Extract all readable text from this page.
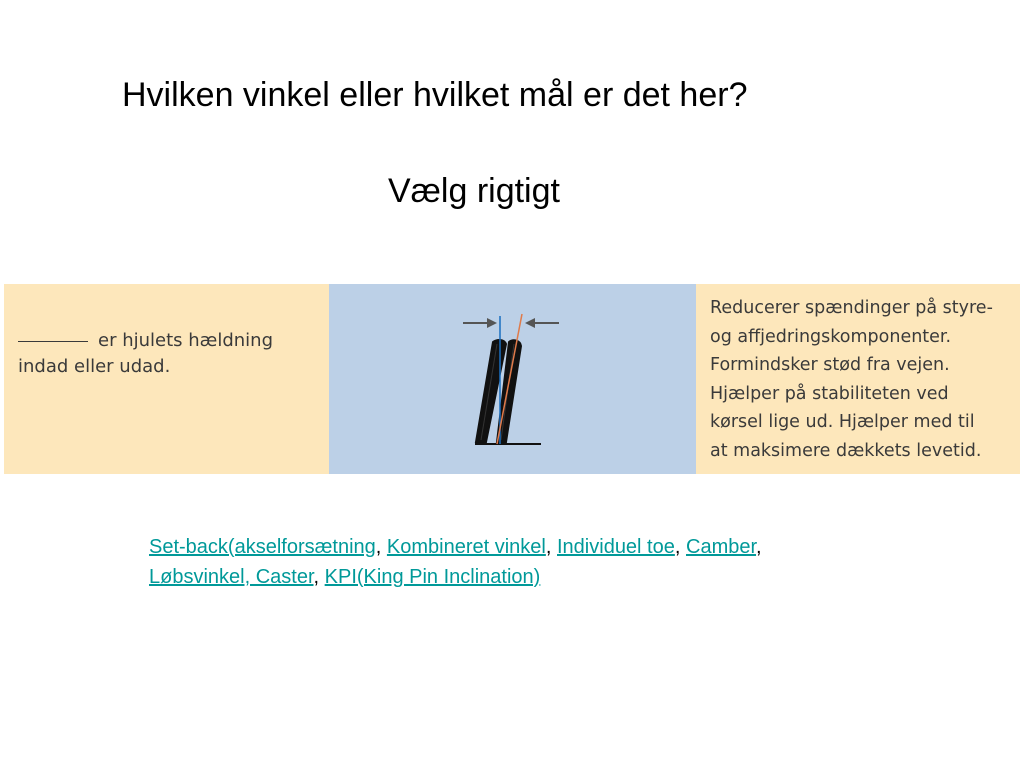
Hvilken vinkel eller hvilket mål er det her?
Vælg rigtigt
er hjulets hældning indad eller udad.
Reducerer spændinger på styre-
og affjedringskomponenter.
Formindsker stød fra vejen.
Hjælper på stabiliteten ved
kørsel lige ud. Hjælper med til
at maksimere dækkets levetid.
Set-back(akselforsætning, Kombineret vinkel, Individuel toe, Camber,
Løbsvinkel, Caster, KPI(King Pin Inclination)
